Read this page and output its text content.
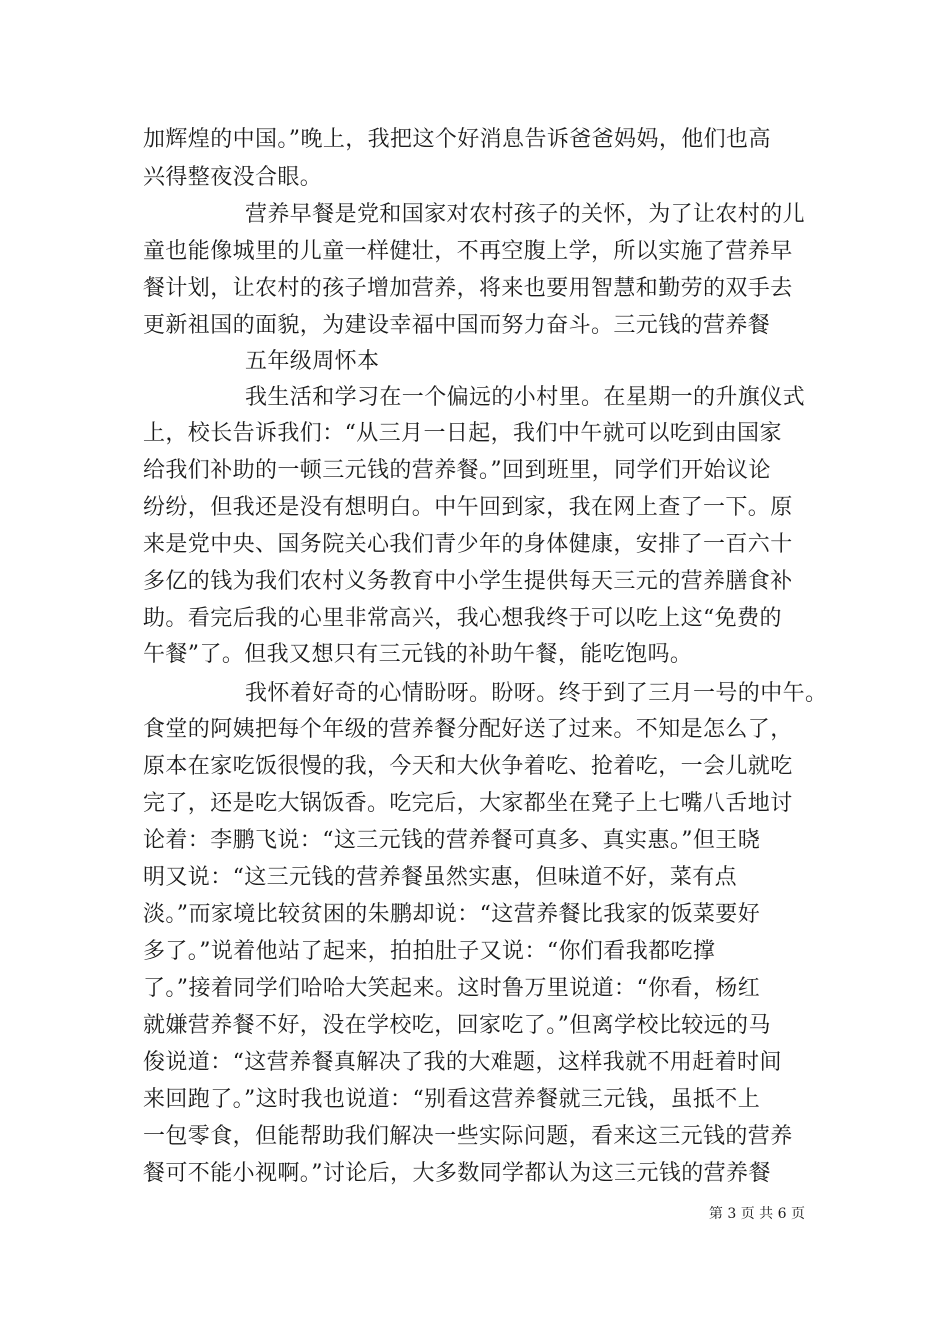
加辉煌的中国。”晚上，我把这个好消息告诉爸爸妈妈，他们也高
兴得整夜没合眼。
营养早餐是党和国家对农村孩子的关怀，为了让农村的儿
童也能像城里的儿童一样健壮，不再空腹上学，所以实施了营养早
餐计划，让农村的孩子增加营养，将来也要用智慧和勤劳的双手去
更新祖国的面貌，为建设幸福中国而努力奋斗。三元钱的营养餐
五年级周怀本
我生活和学习在一个偏远的小村里。在星期一的升旗仪式
上，校长告诉我们：“从三月一日起，我们中午就可以吃到由国家
给我们补助的一顿三元钱的营养餐。”回到班里，同学们开始议论
纷纷，但我还是没有想明白。中午回到家，我在网上查了一下。原
来是党中央、国务院关心我们青少年的身体健康，安排了一百六十
多亿的钱为我们农村义务教育中小学生提供每天三元的营养膳食补
助。看完后我的心里非常高兴，我心想我终于可以吃上这“免费的
午餐”了。但我又想只有三元钱的补助午餐，能吃饱吗。
我怀着好奇的心情盼呀。盼呀。终于到了三月一号的中午。
食堂的阿姨把每个年级的营养餐分配好送了过来。不知是怎么了，
原本在家吃饭很慢的我，今天和大伙争着吃、抢着吃，一会儿就吃
完了，还是吃大锅饭香。吃完后，大家都坐在凳子上七嘴八舌地讨
论着：李鹏飞说：“这三元钱的营养餐可真多、真实惠。”但王晓
明又说：“这三元钱的营养餐虽然实惠，但味道不好，菜有点
淡。”而家境比较贫困的朱鹏却说：“这营养餐比我家的饭菜要好
多了。”说着他站了起来，拍拍肚子又说：“你们看我都吃撑
了。”接着同学们哈哈大笑起来。这时鲁万里说道：“你看，杨红
就嫌营养餐不好，没在学校吃，回家吃了。”但离学校比较远的马
俊说道：“这营养餐真解决了我的大难题，这样我就不用赶着时间
来回跑了。”这时我也说道：“别看这营养餐就三元钱，虽抵不上
一包零食，但能帮助我们解决一些实际问题，看来这三元钱的营养
餐可不能小视啊。”讨论后，大多数同学都认为这三元钱的营养餐
第 3 页 共 6 页
